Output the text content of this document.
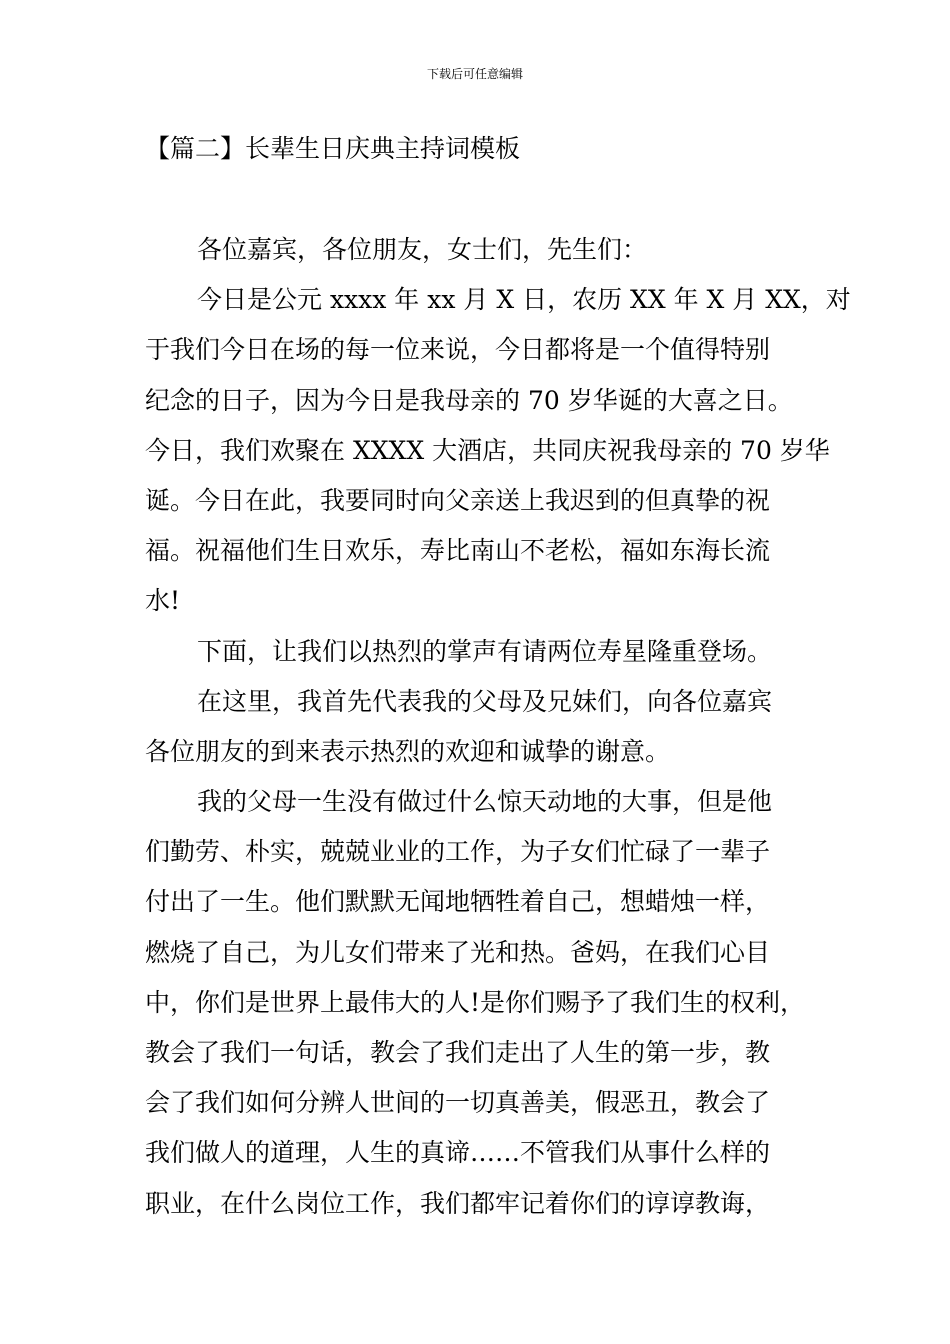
下载后可任意编辑
【篇二】长辈生日庆典主持词模板
各位嘉宾，各位朋友，女士们，先生们：
今日是公元 xxxx 年 xx 月 X 日，农历 XX 年 X 月 XX，对
于我们今日在场的每一位来说，今日都将是一个值得特别
纪念的日子，因为今日是我母亲的 70 岁华诞的大喜之日。
今日，我们欢聚在 XXXX 大酒店，共同庆祝我母亲的 70 岁华
诞。今日在此，我要同时向父亲送上我迟到的但真挚的祝
福。祝福他们生日欢乐，寿比南山不老松，福如东海长流
水!
下面，让我们以热烈的掌声有请两位寿星隆重登场。
在这里，我首先代表我的父母及兄妹们，向各位嘉宾
各位朋友的到来表示热烈的欢迎和诚挚的谢意。
我的父母一生没有做过什么惊天动地的大事，但是他
们勤劳、朴实，兢兢业业的工作，为子女们忙碌了一辈子
付出了一生。他们默默无闻地牺牲着自己，想蜡烛一样，
燃烧了自己，为儿女们带来了光和热。爸妈，在我们心目
中，你们是世界上最伟大的人!是你们赐予了我们生的权利，
教会了我们一句话，教会了我们走出了人生的第一步，教
会了我们如何分辨人世间的一切真善美，假恶丑，教会了
我们做人的道理，人生的真谛……不管我们从事什么样的
职业，在什么岗位工作，我们都牢记着你们的谆谆教诲，
